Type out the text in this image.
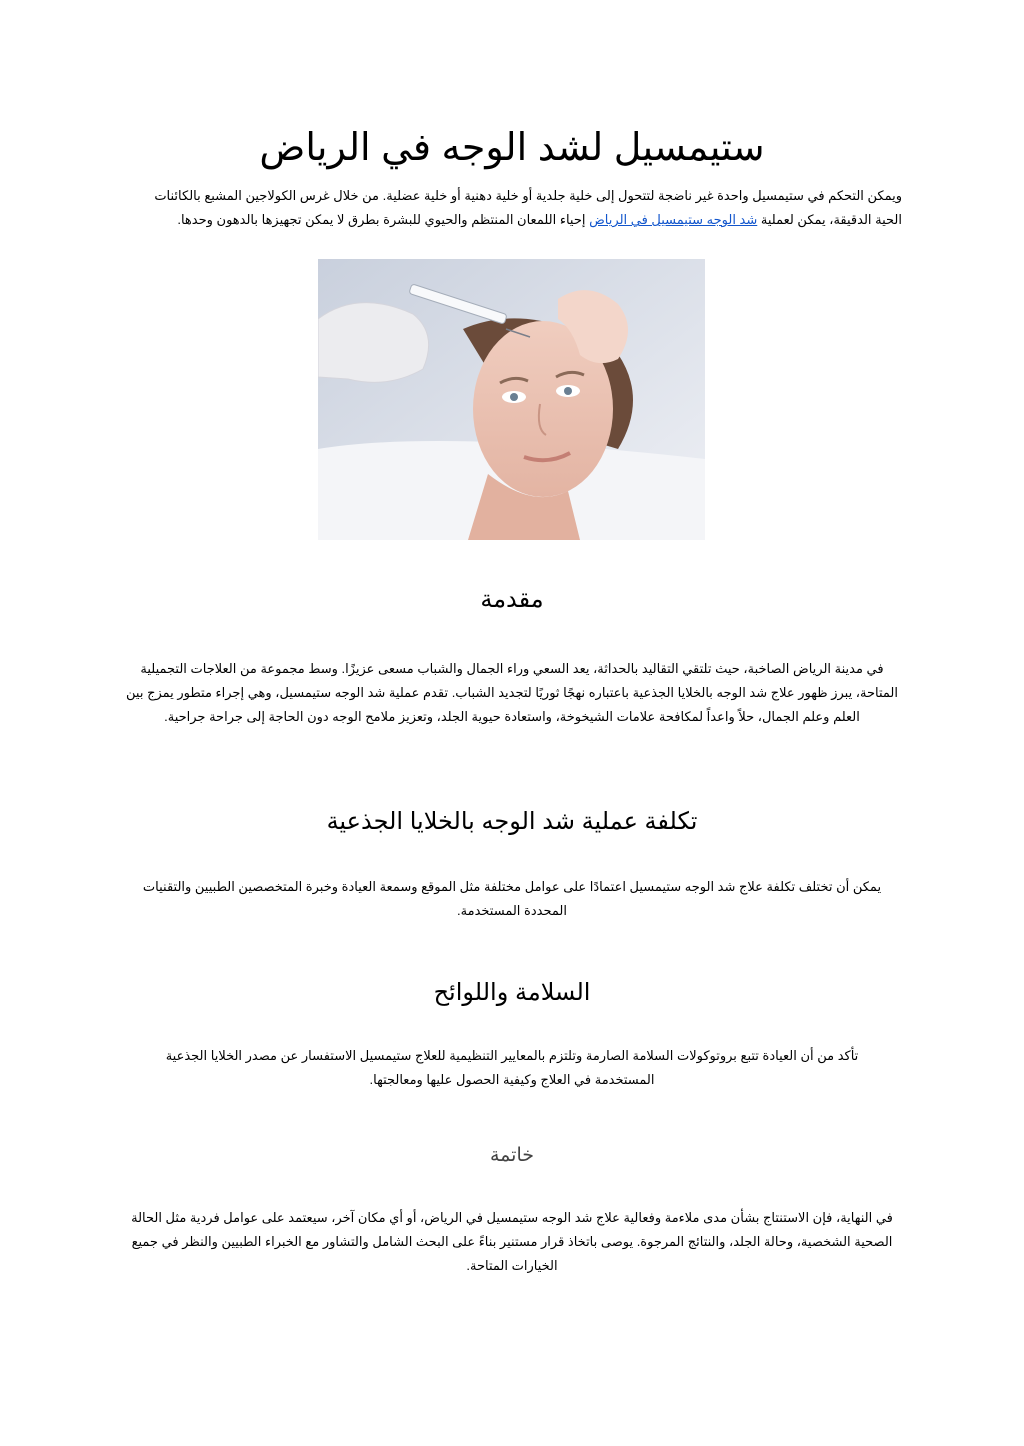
ستيمسيل لشد الوجه في الرياض

ويمكن التحكم في ستيمسيل واحدة غير ناضجة لتتحول إلى خلية جلدية أو خلية دهنية أو خلية عضلية. من خلال غرس الكولاجين المشبع بالكائنات الحية الدقيقة، يمكن لعملية شد الوجه ستيمسيل في الرياض إحياء اللمعان المنتظم والحيوي للبشرة بطرق لا يمكن تجهيزها بالدهون وحدها.

مقدمة

في مدينة الرياض الصاخبة، حيث تلتقي التقاليد بالحداثة، يعد السعي وراء الجمال والشباب مسعى عزيزًا. وسط مجموعة من العلاجات التجميلية المتاحة، يبرز ظهور علاج شد الوجه بالخلايا الجذعية باعتباره نهجًا ثوريًا لتجديد الشباب. تقدم عملية شد الوجه ستيمسيل، وهي إجراء متطور يمزج بين العلم وعلم الجمال، حلاً واعداً لمكافحة علامات الشيخوخة، واستعادة حيوية الجلد، وتعزيز ملامح الوجه دون الحاجة إلى جراحة جراحية.

تكلفة عملية شد الوجه بالخلايا الجذعية

يمكن أن تختلف تكلفة علاج شد الوجه ستيمسيل اعتمادًا على عوامل مختلفة مثل الموقع وسمعة العيادة وخبرة المتخصصين الطبيين والتقنيات المحددة المستخدمة.

السلامة واللوائح

تأكد من أن العيادة تتبع بروتوكولات السلامة الصارمة وتلتزم بالمعايير التنظيمية للعلاج ستيمسيل الاستفسار عن مصدر الخلايا الجذعية المستخدمة في العلاج وكيفية الحصول عليها ومعالجتها.

خاتمة

في النهاية، فإن الاستنتاج بشأن مدى ملاءمة وفعالية علاج شد الوجه ستيمسيل في الرياض، أو أي مكان آخر، سيعتمد على عوامل فردية مثل الحالة الصحية الشخصية، وحالة الجلد، والنتائج المرجوة. يوصى باتخاذ قرار مستنير بناءً على البحث الشامل والتشاور مع الخبراء الطبيين والنظر في جميع الخيارات المتاحة.
